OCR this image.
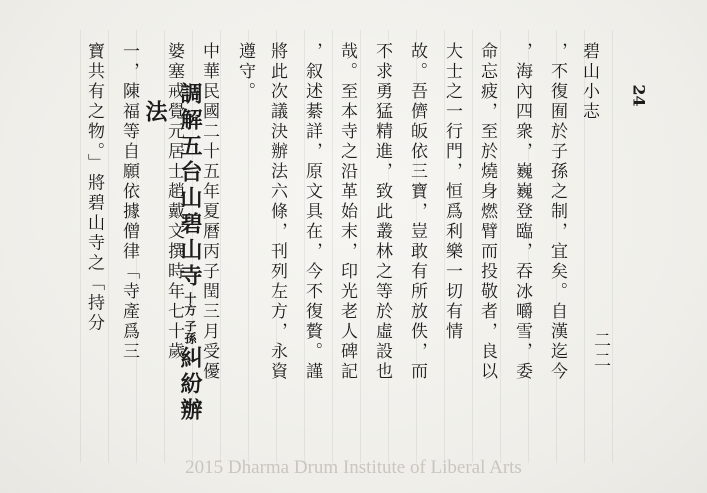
24
二二
碧山小志
，不復囿於子孫之制，宜矣。自漢迄今
，海內四衆，巍巍登臨，吞冰嚼雪，委
命忘疲，至於燒身燃臂而投敬者，良以
大士之一行門，恒爲利樂一切有情
故。吾儕皈依三寶，豈敢有所放佚，而
不求勇猛精進，致此叢林之等於虛設也
哉。至本寺之沿革始末，印光老人碑記
，叙述綦詳，原文具在，今不復贅。謹
將此次議決辦法六條，刊列左方，永資
遵守。
中華民國二十五年夏曆丙子閏三月受優
婆塞戒覺元居士趙戴文撰時年七十歲
調解五台山碧山寺十方子孫糾紛辦
法
一，陳福等自願依據僧律「寺產爲三
寶共有之物。」將碧山寺之「持分
2015 Dharma Drum Institute of Liberal Arts
